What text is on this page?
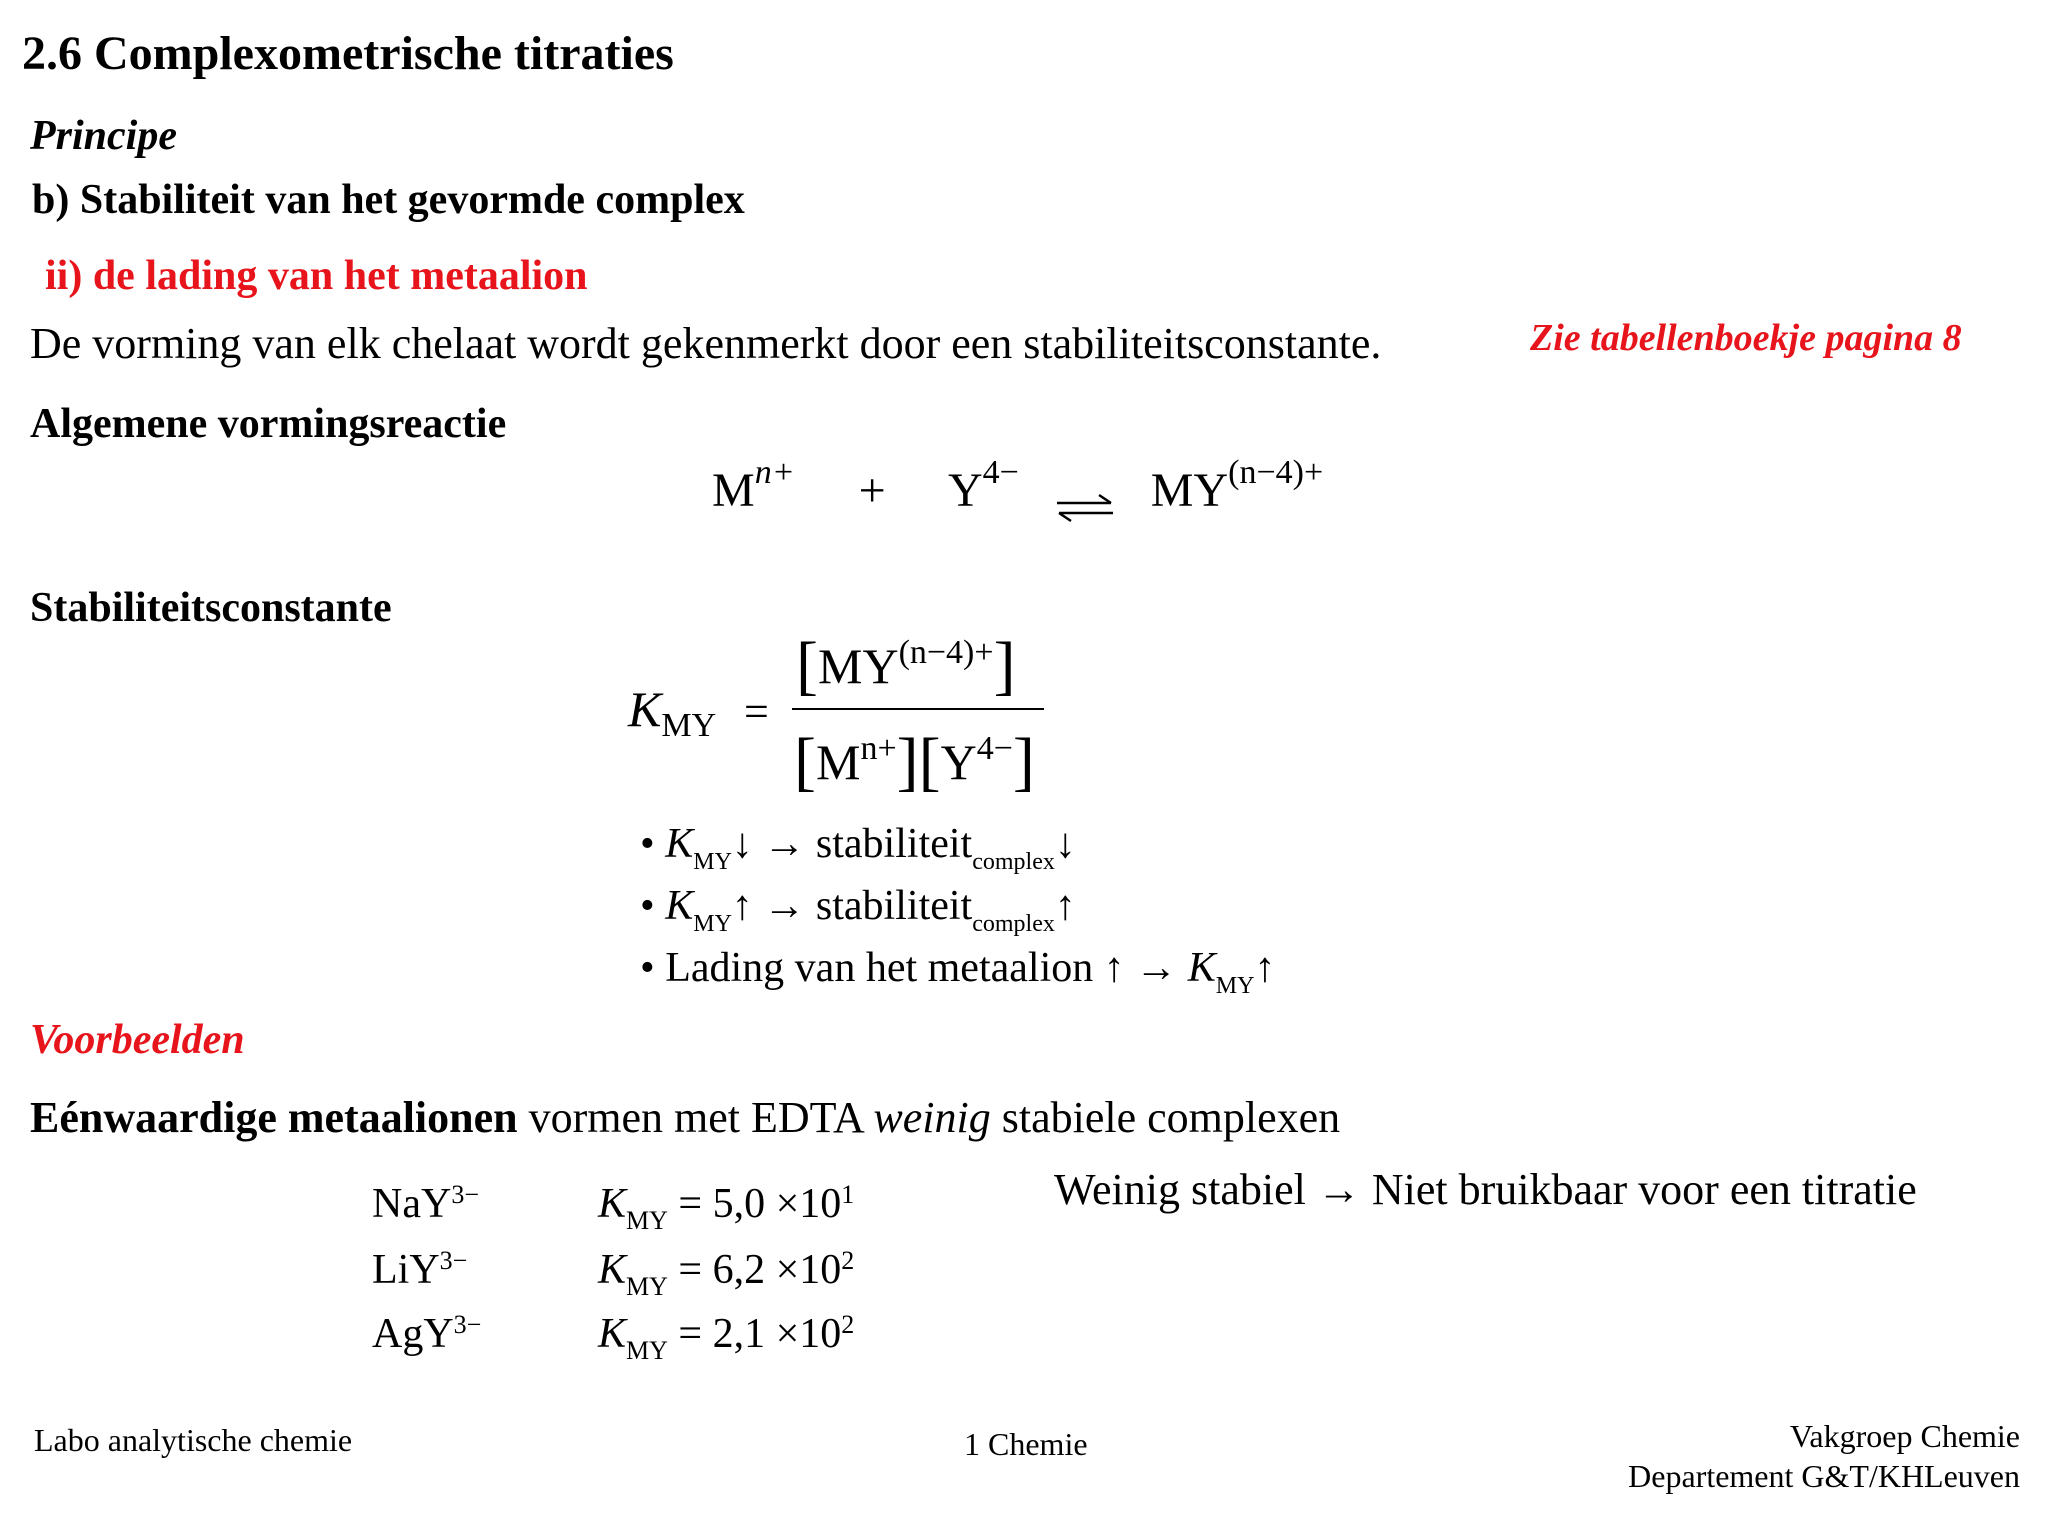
2.6 Complexometrische titraties
Principe
b) Stabiliteit van het gevormde complex
ii) de lading van het metaalion
De vorming van elk chelaat wordt gekenmerkt door een stabiliteitsconstante.	Zie tabellenboekje pagina 8
Algemene vormingsreactie
$M^{n+} + Y^{4-}$ ⇌ $MY^{(n-4)+}$
Stabiliteitsconstante
$K_{MY}$ =
$[MY^{(n-4)+}]$
$[M^{n+}][Y^{4-}]$
• $K_{MY}↓$ → stabiliteit$_{complex}$↓
• $K_{MY}↑$ → stabiliteit$_{complex}$↑
• Lading van het metaalion ↑ → $K_{MY}↑$
Voorbeelden
Eénwaardige metaalionen vormen met EDTA weinig stabiele complexen
NaY$^{3-}$	$K_{MY} = 5,0 \times 10^1$
LiY$^{3-}$	$K_{MY} = 6,2 \times 10^2$
AgY$^{3-}$	$K_{MY} = 2,1 \times 10^2$
Weinig stabiel → Niet bruikbaar voor een titratie
Labo analytische chemie	1 Chemie	Vakgroep Chemie
Departement G&T/KHLeuven
